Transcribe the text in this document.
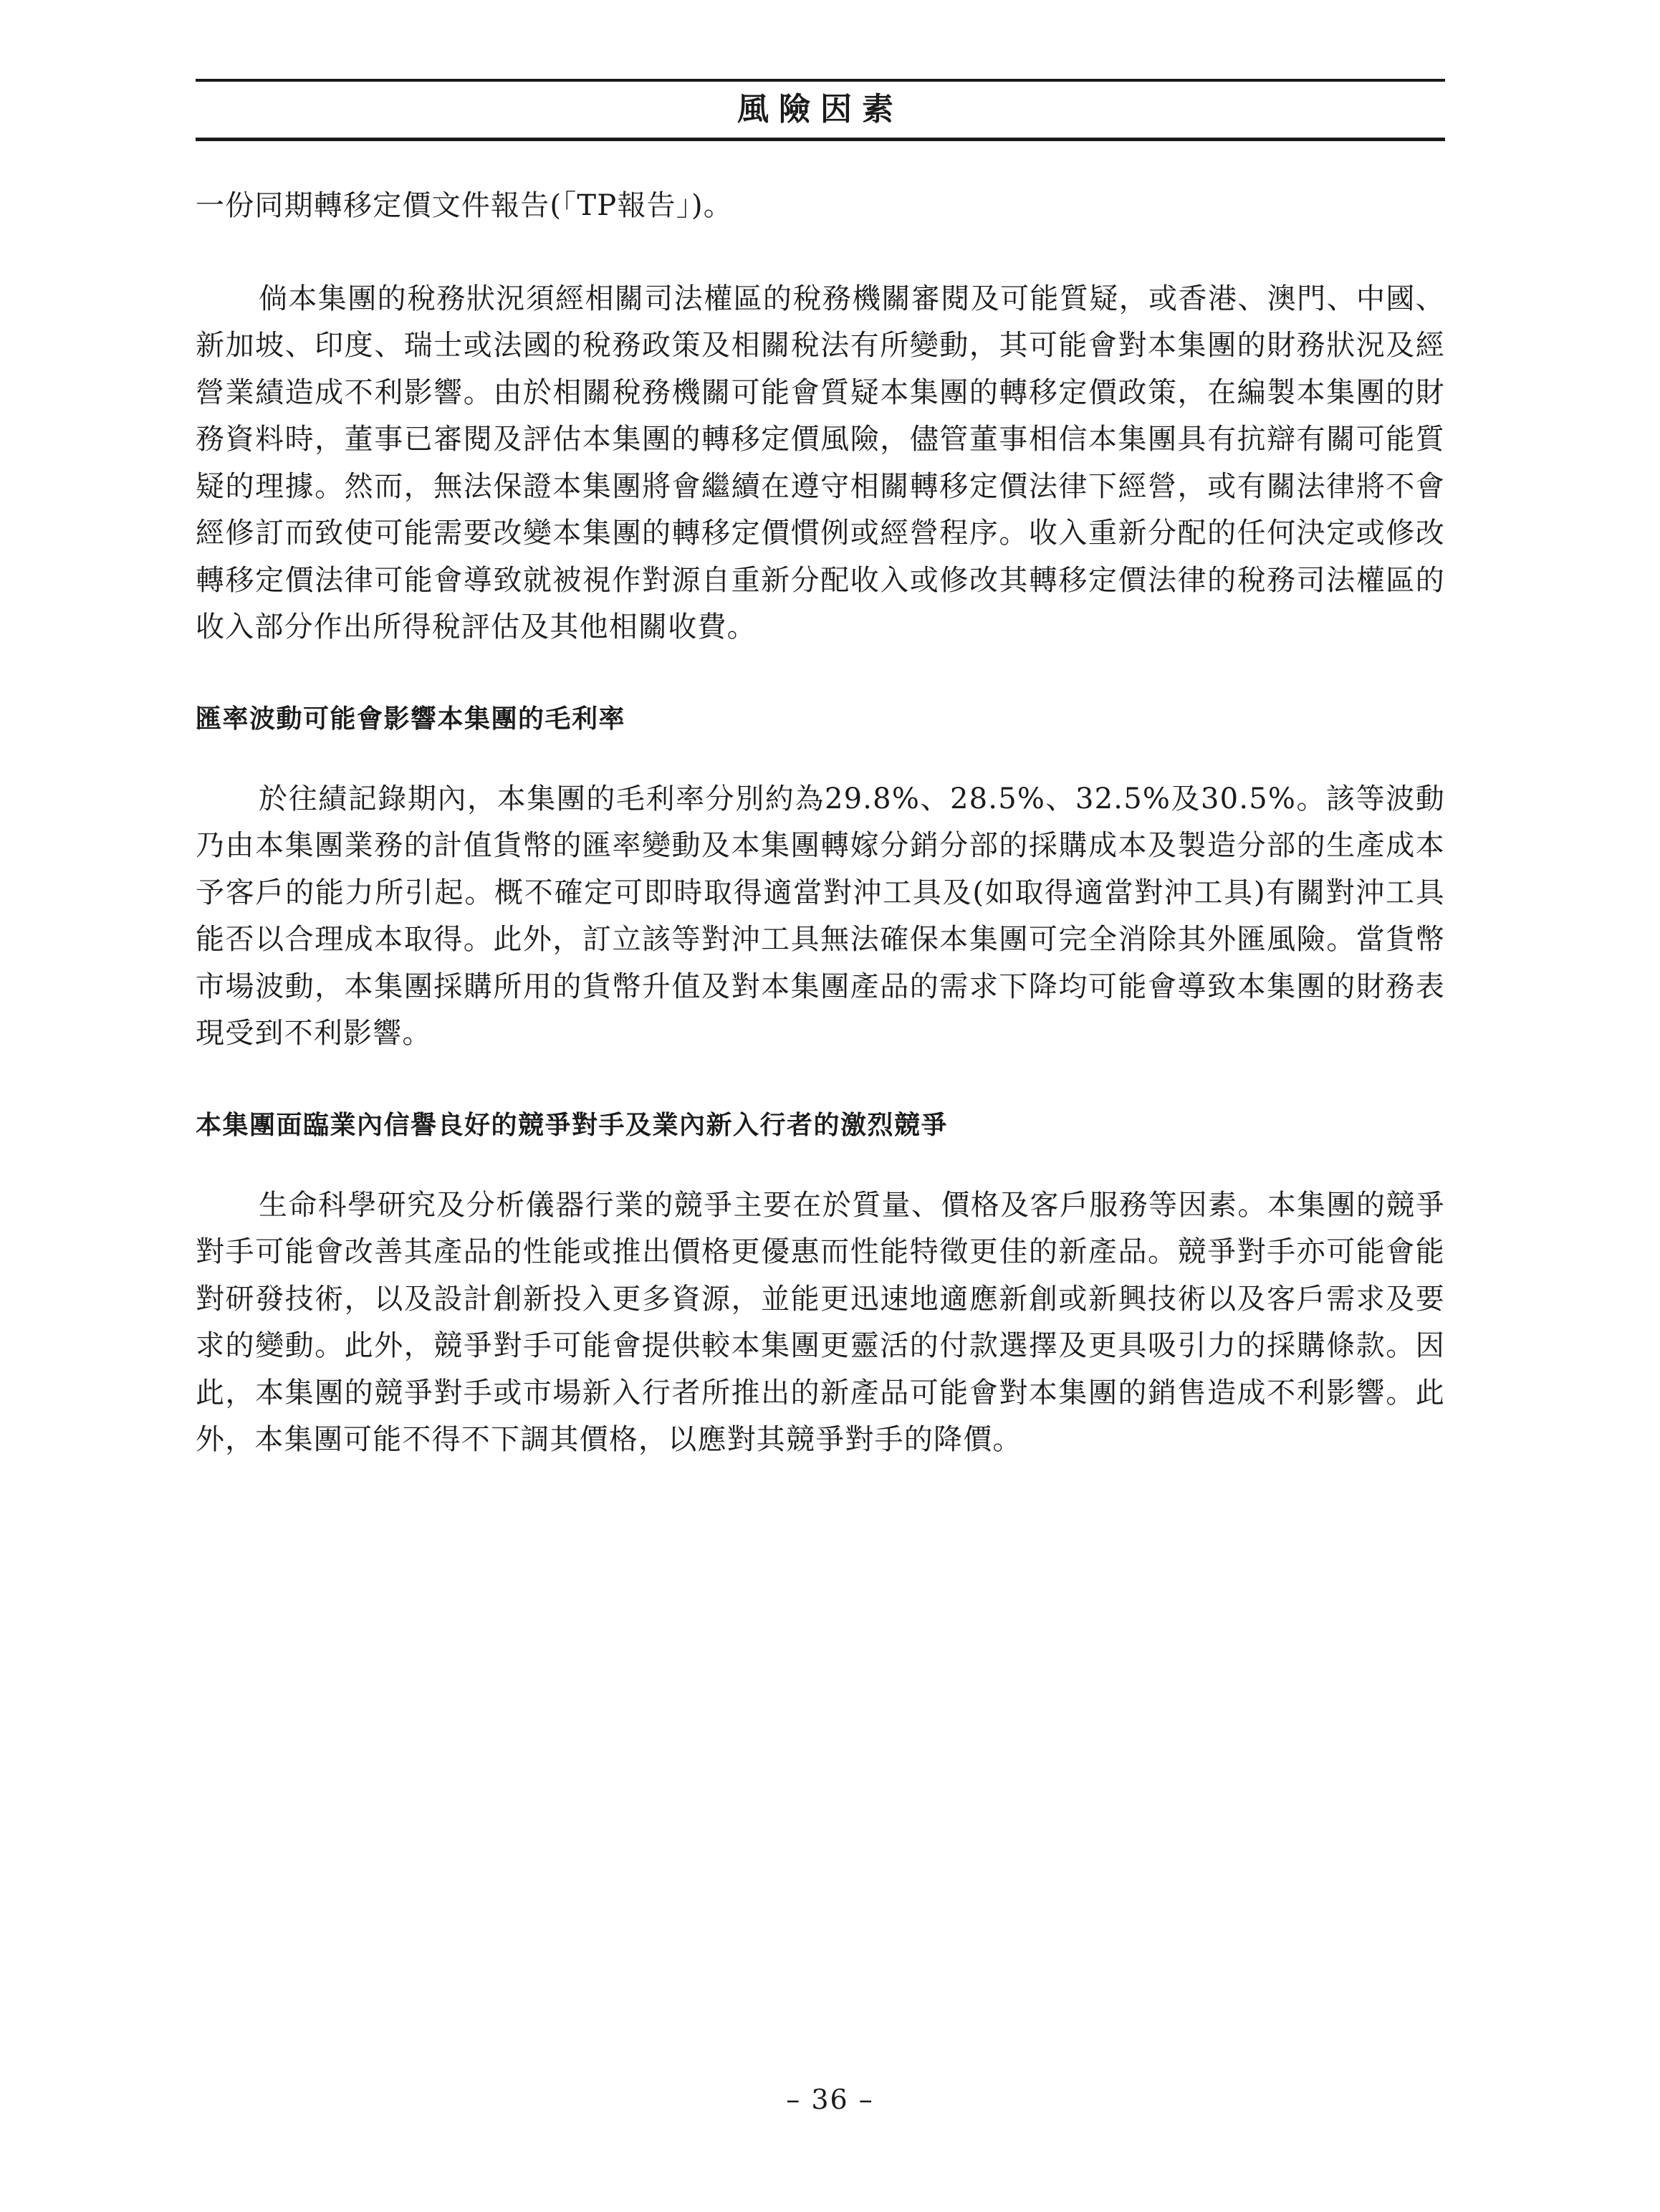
風險因素

一份同期轉移定價文件報告(「TP報告」)。

倘本集團的稅務狀況須經相關司法權區的稅務機關審閱及可能質疑，或香港、澳門、中國、新加坡、印度、瑞士或法國的稅務政策及相關稅法有所變動，其可能會對本集團的財務狀況及經營業績造成不利影響。由於相關稅務機關可能會質疑本集團的轉移定價政策，在編製本集團的財務資料時，董事已審閱及評估本集團的轉移定價風險，儘管董事相信本集團具有抗辯有關可能質疑的理據。然而，無法保證本集團將會繼續在遵守相關轉移定價法律下經營，或有關法律將不會經修訂而致使可能需要改變本集團的轉移定價慣例或經營程序。收入重新分配的任何決定或修改轉移定價法律可能會導致就被視作對源自重新分配收入或修改其轉移定價法律的稅務司法權區的收入部分作出所得稅評估及其他相關收費。

匯率波動可能會影響本集團的毛利率

於往績記錄期內，本集團的毛利率分別約為29.8%、28.5%、32.5%及30.5%。該等波動乃由本集團業務的計值貨幣的匯率變動及本集團轉嫁分銷分部的採購成本及製造分部的生產成本予客戶的能力所引起。概不確定可即時取得適當對沖工具及(如取得適當對沖工具)有關對沖工具能否以合理成本取得。此外，訂立該等對沖工具無法確保本集團可完全消除其外匯風險。當貨幣市場波動，本集團採購所用的貨幣升值及對本集團產品的需求下降均可能會導致本集團的財務表現受到不利影響。

本集團面臨業內信譽良好的競爭對手及業內新入行者的激烈競爭

生命科學研究及分析儀器行業的競爭主要在於質量、價格及客戶服務等因素。本集團的競爭對手可能會改善其產品的性能或推出價格更優惠而性能特徵更佳的新產品。競爭對手亦可能會能對研發技術，以及設計創新投入更多資源，並能更迅速地適應新創或新興技術以及客戶需求及要求的變動。此外，競爭對手可能會提供較本集團更靈活的付款選擇及更具吸引力的採購條款。因此，本集團的競爭對手或市場新入行者所推出的新產品可能會對本集團的銷售造成不利影響。此外，本集團可能不得不下調其價格，以應對其競爭對手的降價。

– 36 –
